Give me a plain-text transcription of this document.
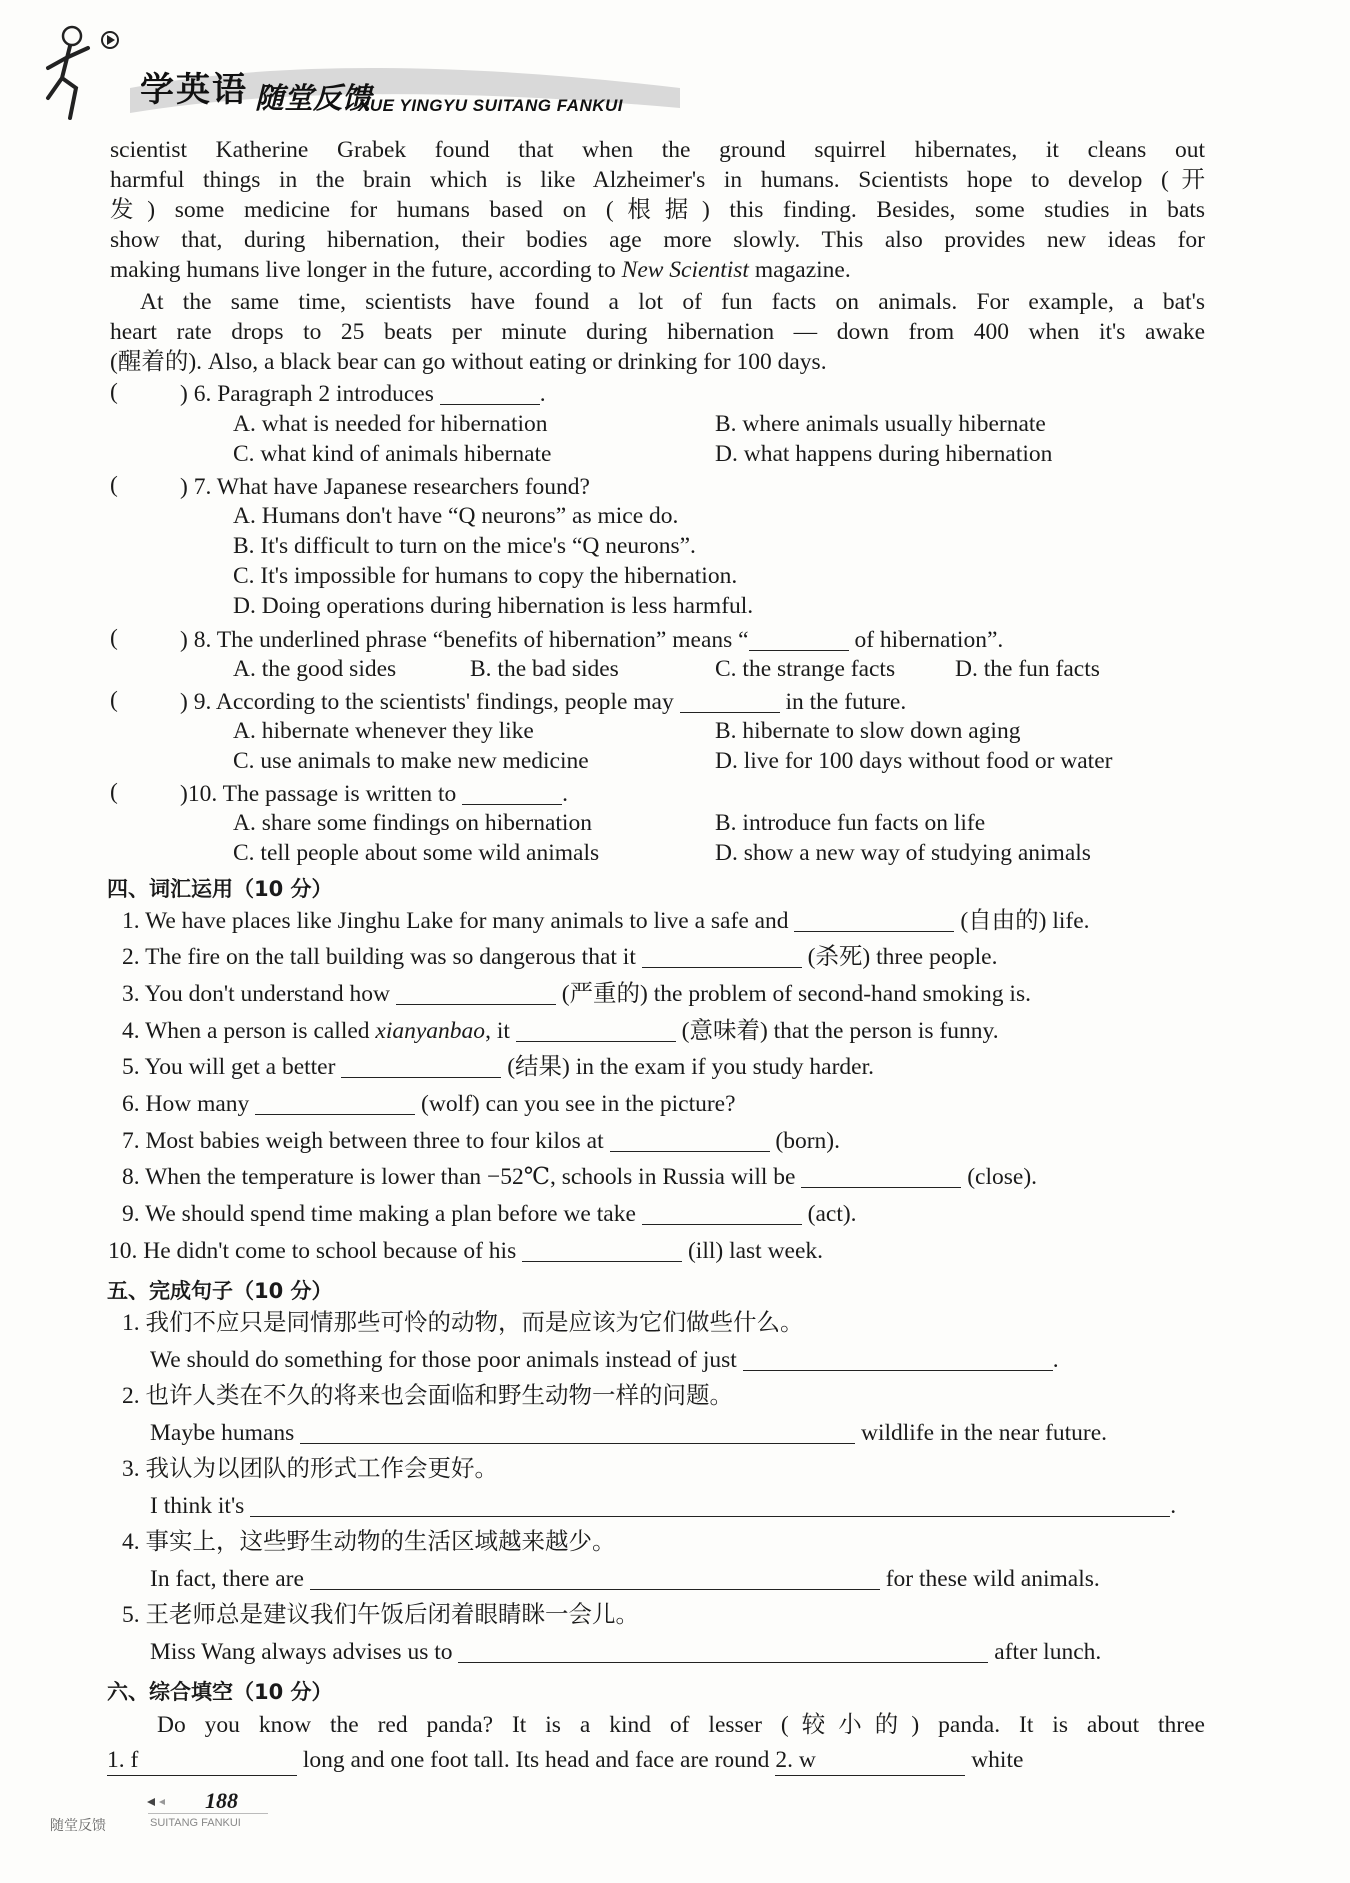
学英语 随堂反馈
XUE YINGYU SUITANG FANKUI
scientist Katherine Grabek found that when the ground squirrel hibernates, it cleans out
harmful things in the brain which is like Alzheimer's in humans. Scientists hope to develop (开
发) some medicine for humans based on (根据) this finding. Besides, some studies in bats
show that, during hibernation, their bodies age more slowly. This also provides new ideas for
making humans live longer in the future, according to New Scientist magazine.
At the same time, scientists have found a lot of fun facts on animals. For example, a bat's
heart rate drops to 25 beats per minute during hibernation — down from 400 when it's awake
(醒着的). Also, a black bear can go without eating or drinking for 100 days.
(	) 6. Paragraph 2 introduces	.
A. what is needed for hibernation	B. where animals usually hibernate
C. what kind of animals hibernate	D. what happens during hibernation
(	) 7. What have Japanese researchers found?
A. Humans don't have “Q neurons” as mice do.
B. It's difficult to turn on the mice's “Q neurons”.
C. It's impossible for humans to copy the hibernation.
D. Doing operations during hibernation is less harmful.
(	) 8. The underlined phrase “benefits of hibernation” means “	of hibernation”.
A. the good sides	B. the bad sides	C. the strange facts	D. the fun facts
(	) 9. According to the scientists' findings, people may	in the future.
A. hibernate whenever they like	B. hibernate to slow down aging
C. use animals to make new medicine	D. live for 100 days without food or water
(	)10. The passage is written to	.
A. share some findings on hibernation	B. introduce fun facts on life
C. tell people about some wild animals	D. show a new way of studying animals
四、词汇运用（10 分）
1. We have places like Jinghu Lake for many animals to live a safe and	(自由的) life.
2. The fire on the tall building was so dangerous that it	(杀死) three people.
3. You don't understand how	(严重的) the problem of second-hand smoking is.
4. When a person is called xianyanbao, it	(意味着) that the person is funny.
5. You will get a better	(结果) in the exam if you study harder.
6. How many	(wolf) can you see in the picture?
7. Most babies weigh between three to four kilos at	(born).
8. When the temperature is lower than −52℃, schools in Russia will be	(close).
9. We should spend time making a plan before we take	(act).
10. He didn't come to school because of his	(ill) last week.
五、完成句子（10 分）
1. 我们不应只是同情那些可怜的动物，而是应该为它们做些什么。
We should do something for those poor animals instead of just	.
2. 也许人类在不久的将来也会面临和野生动物一样的问题。
Maybe humans	wildlife in the near future.
3. 我认为以团队的形式工作会更好。
I think it's	.
4. 事实上，这些野生动物的生活区域越来越少。
In fact, there are	for these wild animals.
5. 王老师总是建议我们午饭后闭着眼睛眯一会儿。
Miss Wang always advises us to	after lunch.
六、综合填空（10 分）
Do you know the red panda? It is a kind of lesser (较小的) panda. It is about three
1. f	long and one foot tall. Its head and face are round 2. w	white
188
随堂反馈	SUITANG FANKUI
